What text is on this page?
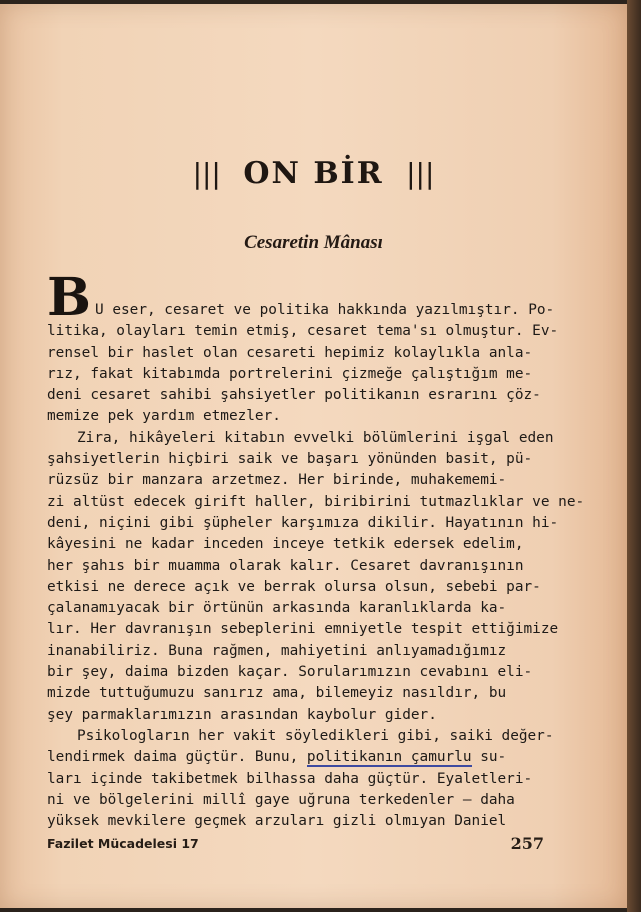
||| ON BİR |||
Cesaretin Mânası
B U eser, cesaret ve politika hakkında yazılmıştır. Po-
litika, olayları temin etmiş, cesaret tema'sı olmuştur. Ev-
rensel bir haslet olan cesareti hepimiz kolaylıkla anla-
rız, fakat kitabımda portrelerini çizmeğe çalıştığım me-
deni cesaret sahibi şahsiyetler politikanın esrarını çöz-
memize pek yardım etmezler.
Zira, hikâyeleri kitabın evvelki bölümlerini işgal eden
şahsiyetlerin hiçbiri saik ve başarı yönünden basit, pü-
rüzsüz bir manzara arzetmez. Her birinde, muhakememi-
zi altüst edecek girift haller, biribirini tutmazlıklar ve ne-
deni, niçini gibi şüpheler karşımıza dikilir. Hayatının hi-
kâyesini ne kadar inceden inceye tetkik edersek edelim,
her şahıs bir muamma olarak kalır. Cesaret davranışının
etkisi ne derece açık ve berrak olursa olsun, sebebi par-
çalanamıyacak bir örtünün arkasında karanlıklarda ka-
lır. Her davranışın sebeplerini emniyetle tespit ettiğimize
inanabiliriz. Buna rağmen, mahiyetini anlıyamadığımız
bir şey, daima bizden kaçar. Sorularımızın cevabını eli-
mizde tuttuğumuzu sanırız ama, bilemeyiz nasıldır, bu
şey parmaklarımızın arasından kaybolur gider.
Psikologların her vakit söyledikleri gibi, saiki değer-
lendirmek daima güçtür. Bunu, politikanın çamurlu su-
ları içinde takibetmek bilhassa daha güçtür. Eyaletleri-
ni ve bölgelerini millî gaye uğruna terkedenler — daha
yüksek mevkilere geçmek arzuları gizli olmıyan Daniel
Fazilet Mücadelesi 17	257
